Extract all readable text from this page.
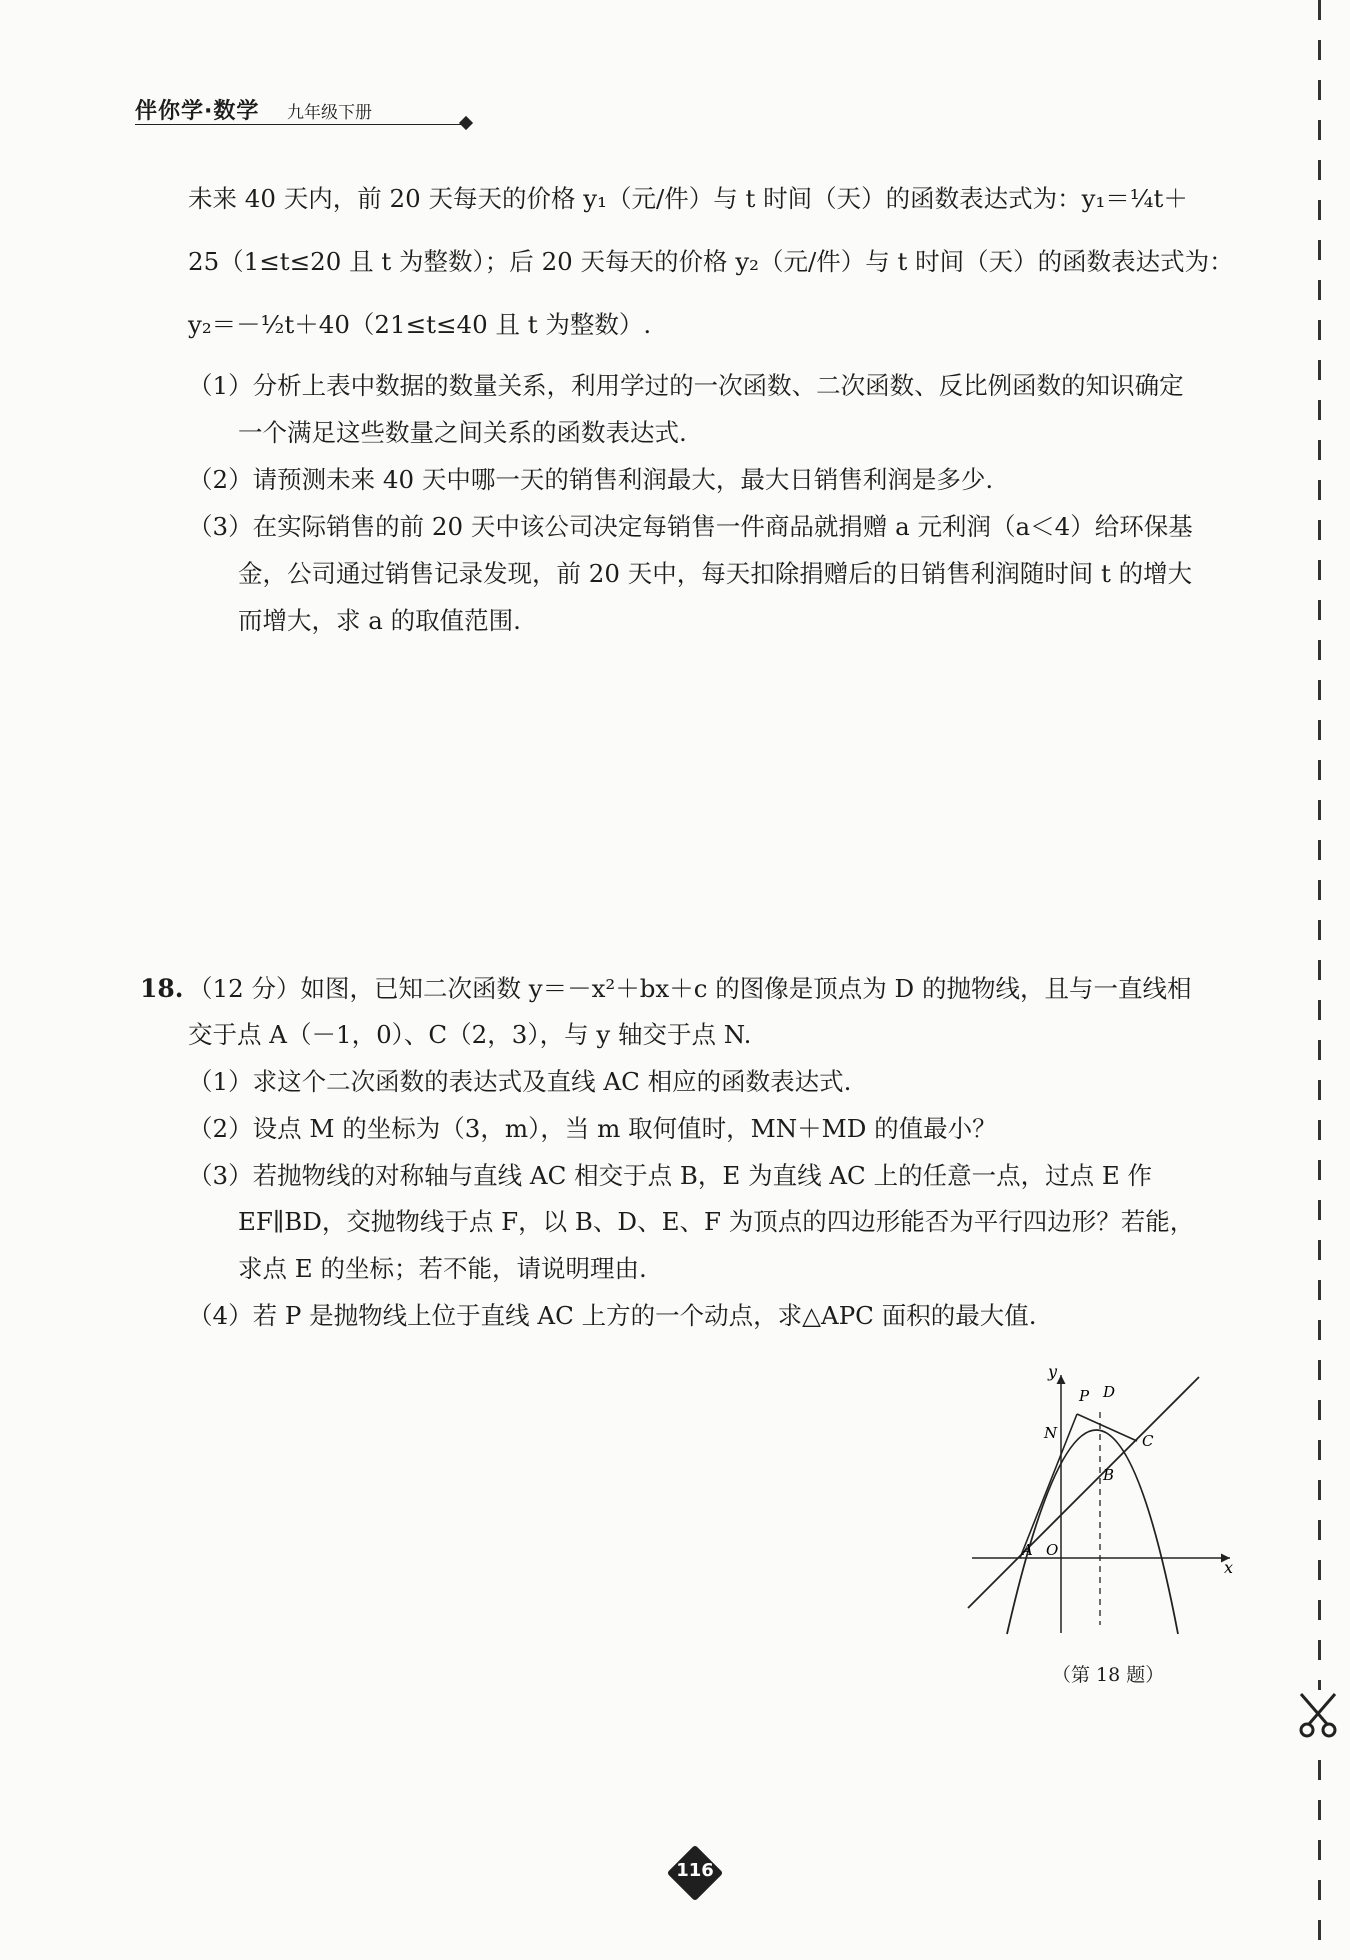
伴你学·数学 九年级下册
未来 40 天内，前 20 天每天的价格 y₁（元/件）与 t 时间（天）的函数表达式为：y₁＝¼t＋
25（1≤t≤20 且 t 为整数）；后 20 天每天的价格 y₂（元/件）与 t 时间（天）的函数表达式为：
y₂＝－½t＋40（21≤t≤40 且 t 为整数）.
（1）分析上表中数据的数量关系，利用学过的一次函数、二次函数、反比例函数的知识确定
一个满足这些数量之间关系的函数表达式.
（2）请预测未来 40 天中哪一天的销售利润最大，最大日销售利润是多少.
（3）在实际销售的前 20 天中该公司决定每销售一件商品就捐赠 a 元利润（a＜4）给环保基
金，公司通过销售记录发现，前 20 天中，每天扣除捐赠后的日销售利润随时间 t 的增大
而增大，求 a 的取值范围.
18. （12 分）如图，已知二次函数 y＝－x²＋bx＋c 的图像是顶点为 D 的抛物线，且与一直线相
交于点 A（－1，0）、C（2，3），与 y 轴交于点 N.
（1）求这个二次函数的表达式及直线 AC 相应的函数表达式.
（2）设点 M 的坐标为（3，m），当 m 取何值时，MN＋MD 的值最小？
（3）若抛物线的对称轴与直线 AC 相交于点 B，E 为直线 AC 上的任意一点，过点 E 作
EF∥BD，交抛物线于点 F，以 B、D、E、F 为顶点的四边形能否为平行四边形？若能，
求点 E 的坐标；若不能，请说明理由.
（4）若 P 是抛物线上位于直线 AC 上方的一个动点，求△APC 面积的最大值.
y
x
P D
N	C
B
A O
（第 18 题）
116
